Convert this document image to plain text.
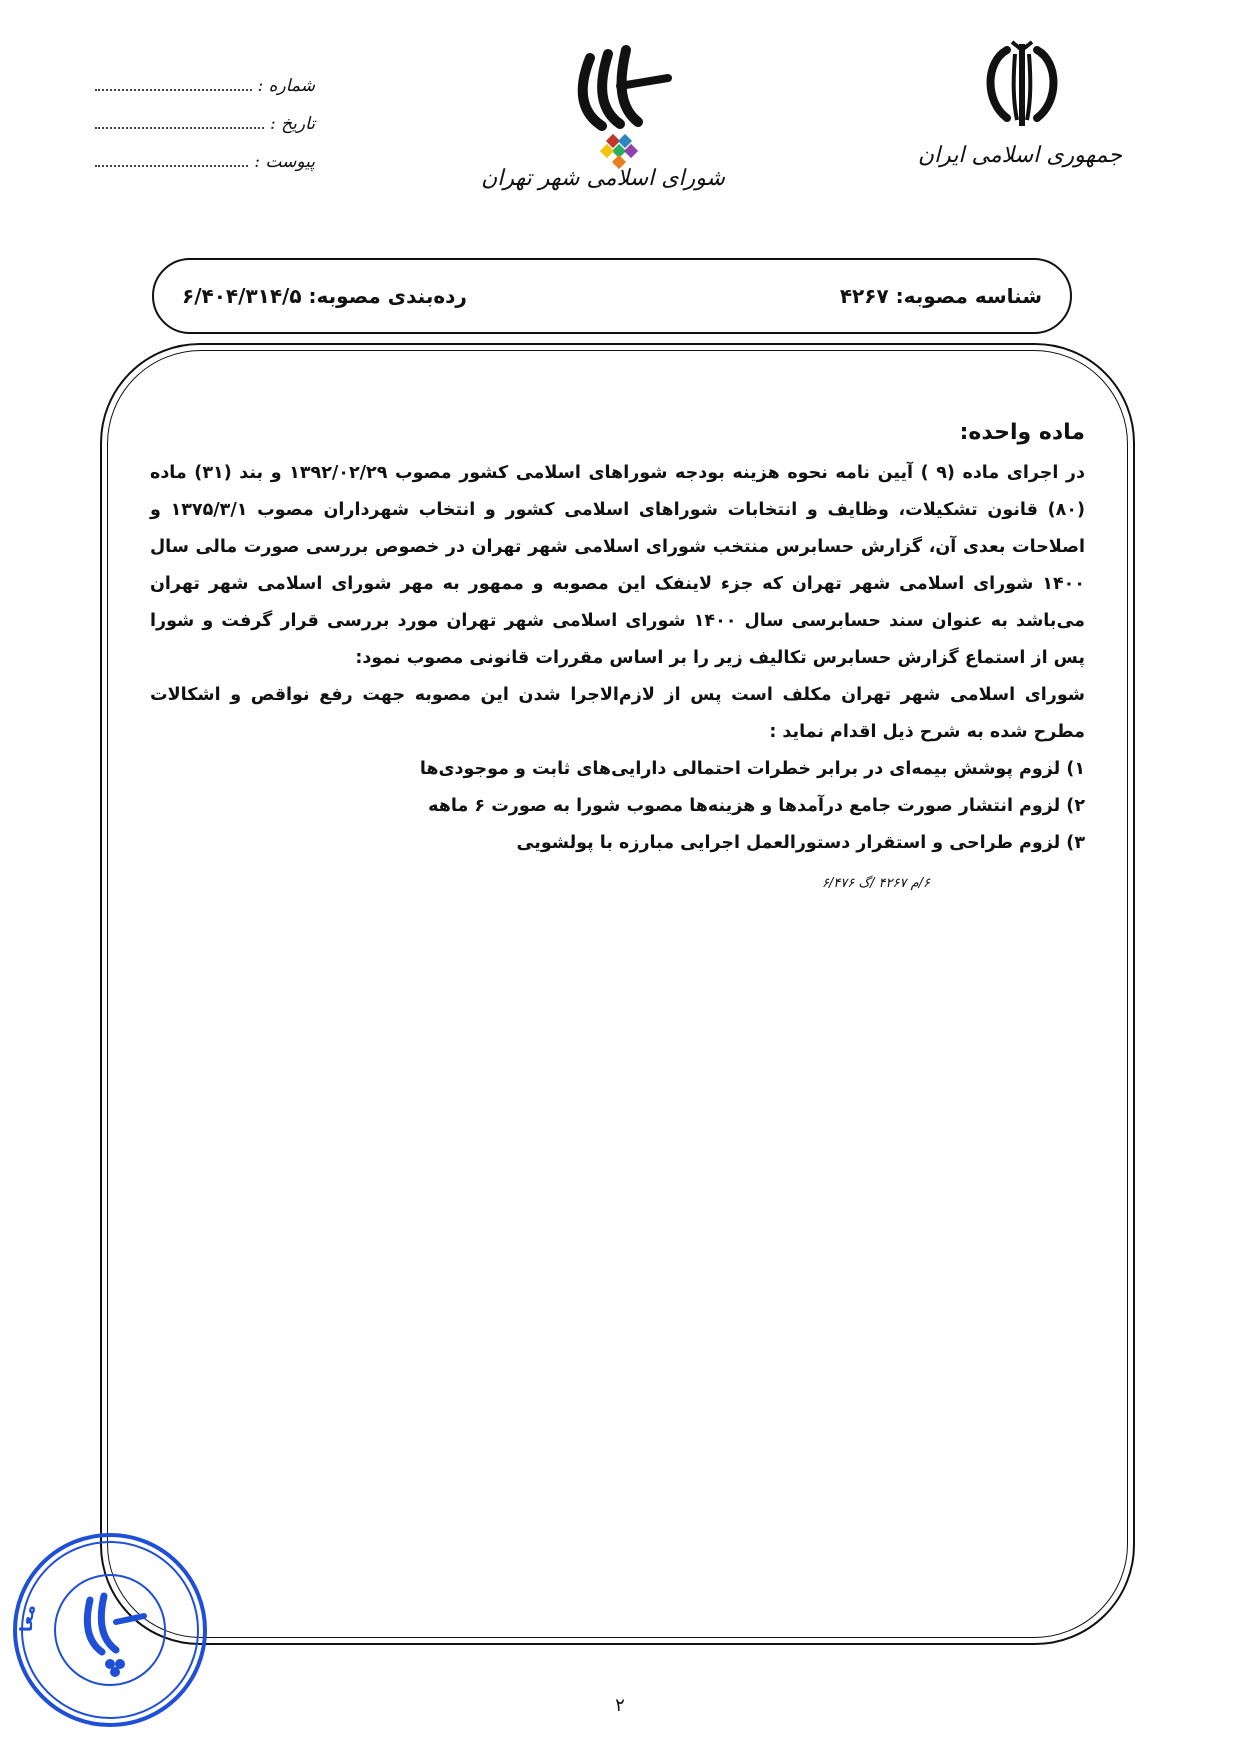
جمهوری اسلامی ایران
شورای اسلامی شهر تهران
شماره :
تاریخ :
پیوست :
شناسه مصوبه: ۴۲۶۷
رده‌بندی مصوبه: ۶/۴۰۴/۳۱۴/۵
ماده واحده:

در اجرای ماده (۹ ) آیین نامه نحوه هزینه بودجه شوراهای اسلامی کشور مصوب ۱۳۹۲/۰۲/۲۹ و بند (۳۱) ماده (۸۰) قانون تشکیلات، وظایف و انتخابات شوراهای اسلامی کشور و انتخاب شهرداران مصوب ۱۳۷۵/۳/۱ و اصلاحات بعدی آن، گزارش حسابرس منتخب شورای اسلامی شهر تهران در خصوص بررسی صورت مالی سال ۱۴۰۰ شورای اسلامی شهر تهران که جزء لاینفک این مصوبه و ممهور به مهر شورای اسلامی شهر تهران می‌باشد به عنوان سند حسابرسی سال ۱۴۰۰ شورای اسلامی شهر تهران مورد بررسی قرار گرفت و شورا پس از استماع گزارش حسابرس تکالیف زیر را بر اساس مقررات قانونی مصوب نمود:

شورای اسلامی شهر تهران مکلف است پس از لازم‌الاجرا شدن این مصوبه جهت رفع نواقص و اشکالات مطرح شده به شرح ذیل اقدام نماید :

۱) لزوم پوشش بیمه‌ای در برابر خطرات احتمالی دارایی‌های ثابت و موجودی‌ها
۲) لزوم انتشار صورت جامع درآمدها و هزینه‌ها مصوب شورا به صورت ۶ ماهه
۳) لزوم طراحی و استقرار دستورالعمل اجرایی مبارزه با پولشویی
۶/م ۴۲۶۷ /گ ۶/۴۷۶
معا
۲
